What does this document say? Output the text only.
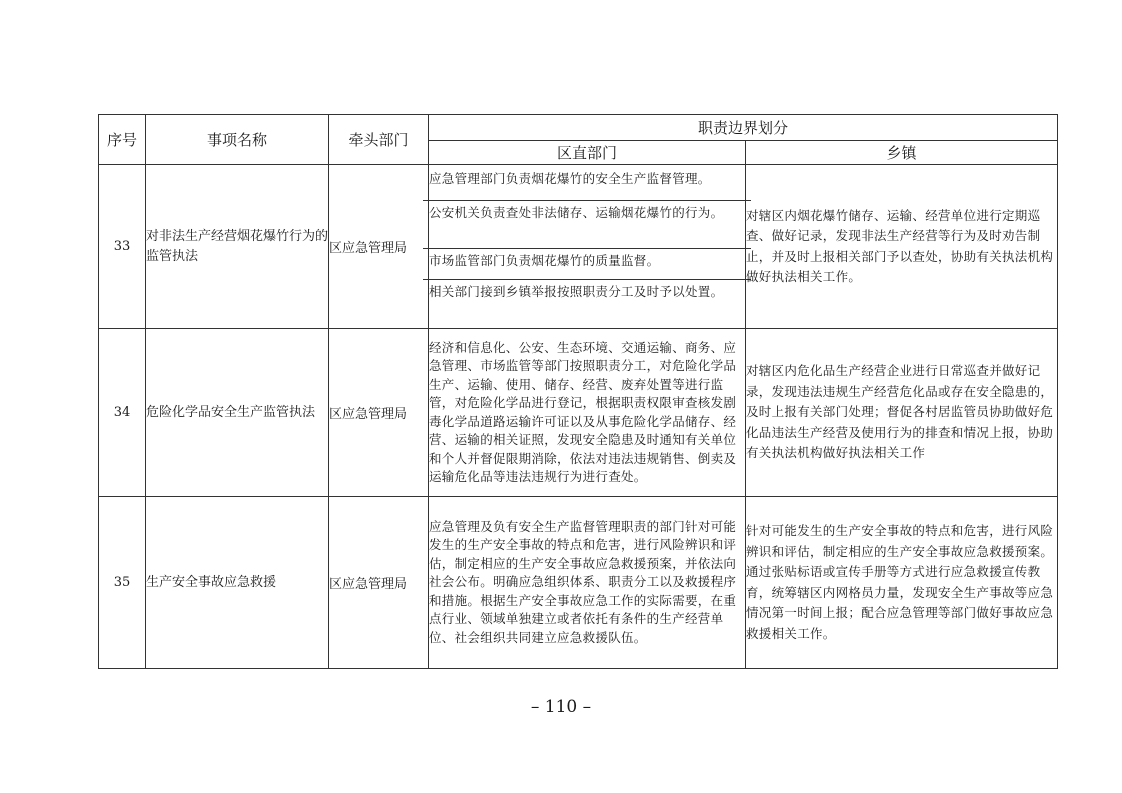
序号	事项名称	牵头部门	职责边界划分	
			区直部门	乡镇
33	对非法生产经营烟花爆竹行为的监管执法	区应急管理局	应急管理部门负责烟花爆竹的安全生产监督管理。
公安机关负责查处非法储存、运输烟花爆竹的行为。
市场监管部门负责烟花爆竹的质量监督。
相关部门接到乡镇举报按照职责分工及时予以处置。	对辖区内烟花爆竹储存、运输、经营单位进行定期巡查、做好记录，发现非法生产经营等行为及时劝告制止，并及时上报相关部门予以查处，协助有关执法机构做好执法相关工作。
34	危险化学品安全生产监管执法	区应急管理局	经济和信息化、公安、生态环境、交通运输、商务、应急管理、市场监管等部门按照职责分工，对危险化学品生产、运输、使用、储存、经营、废弃处置等进行监管，对危险化学品进行登记，根据职责权限审查核发剧毒化学品道路运输许可证以及从事危险化学品储存、经营、运输的相关证照，发现安全隐患及时通知有关单位和个人并督促限期消除，依法对违法违规销售、倒卖及运输危化品等违法违规行为进行查处。	对辖区内危化品生产经营企业进行日常巡查并做好记录，发现违法违规生产经营危化品或存在安全隐患的，及时上报有关部门处理；督促各村居监管员协助做好危化品违法生产经营及使用行为的排查和情况上报，协助有关执法机构做好执法相关工作
35	生产安全事故应急救援	区应急管理局	应急管理及负有安全生产监督管理职责的部门针对可能发生的生产安全事故的特点和危害，进行风险辨识和评估，制定相应的生产安全事故应急救援预案，并依法向社会公布。明确应急组织体系、职责分工以及救援程序和措施。根据生产安全事故应急工作的实际需要，在重点行业、领域单独建立或者依托有条件的生产经营单位、社会组织共同建立应急救援队伍。	针对可能发生的生产安全事故的特点和危害，进行风险辨识和评估，制定相应的生产安全事故应急救援预案。通过张贴标语或宣传手册等方式进行应急救援宣传教育，统筹辖区内网格员力量，发现安全生产事故等应急情况第一时间上报；配合应急管理等部门做好事故应急救援相关工作。
– 110 –
